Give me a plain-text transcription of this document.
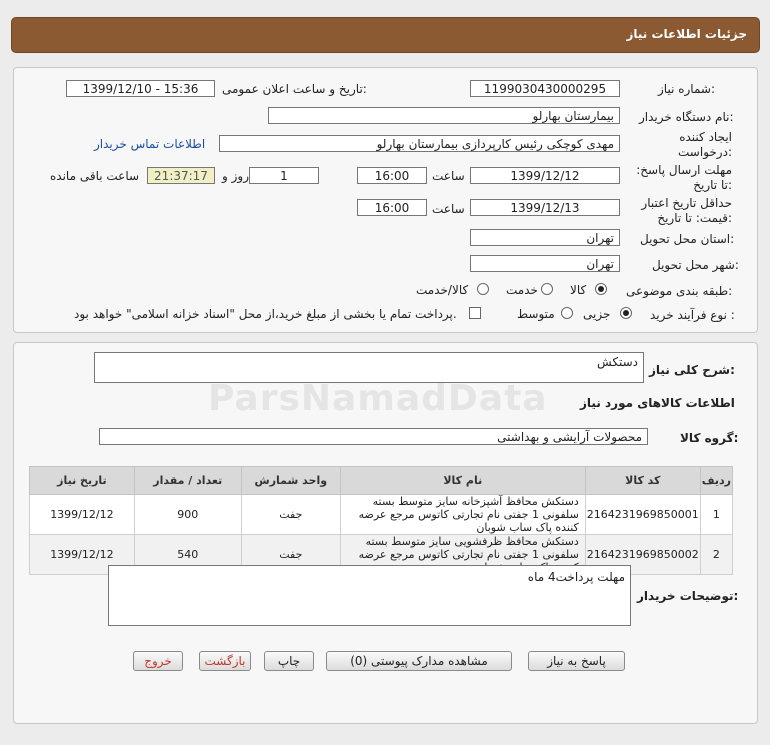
جزئیات اطلاعات نیاز
شماره نیاز:
1199030430000295
تاریخ و ساعت اعلان عمومی:
1399/12/10 - 15:36
نام دستگاه خریدار:
بیمارستان بهارلو
ایجاد کننده درخواست:
مهدی کوچکی رئیس کارپردازی بیمارستان بهارلو
اطلاعات تماس خریدار
مهلت ارسال پاسخ: تا تاریخ:
1399/12/12
ساعت
16:00
1
روز و
21:37:17
ساعت باقی مانده
حداقل تاریخ اعتبار قیمت: تا تاریخ:
1399/12/13
ساعت
16:00
استان محل تحویل:
تهران
شهر محل تحویل:
تهران
طبقه بندی موضوعی:
کالا
خدمت
کالا/خدمت
نوع فرآیند خرید :
جزیی
متوسط
پرداخت تمام یا بخشی از مبلغ خرید،از محل "اسناد خزانه اسلامی" خواهد بود.
شرح کلی نیاز:
دستکش
اطلاعات کالاهای مورد نیاز
گروه کالا:
محصولات آرایشی و بهداشتی
ردیف	کد کالا	نام کالا	واحد شمارش	تعداد / مقدار	تاریخ نیاز
1	2164231969850001	دستکش محافظ آشپزخانه سایز متوسط بسته سلفونی 1 جفتی نام تجارتی کاتوس مرجع عرضه کننده پاک ساب شوبان	جفت	900	1399/12/12
2	2164231969850002	دستکش محافظ ظرفشویی سایز متوسط بسته سلفونی 1 جفتی نام تجارتی کاتوس مرجع عرضه	جفت	540	1399/12/12
توضیحات خریدار:
مهلت پرداخت4 ماه
پاسخ به نیاز
مشاهده مدارک پیوستی (0)
چاپ
بازگشت
خروج
